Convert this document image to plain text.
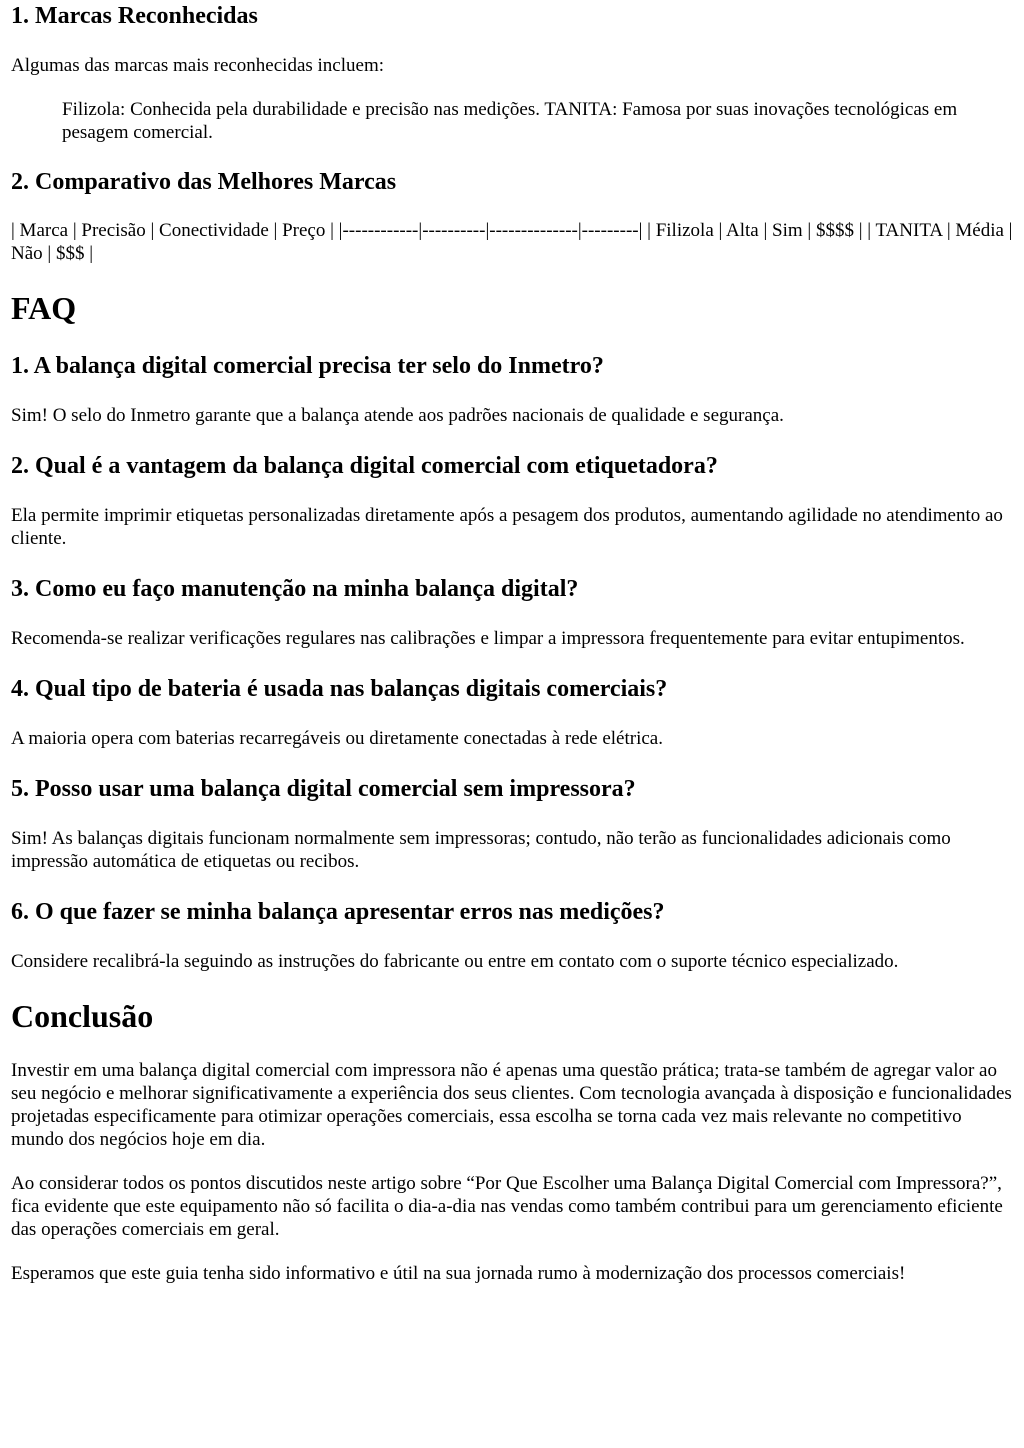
1. Marcas Reconhecidas

Algumas das marcas mais reconhecidas incluem:

Filizola: Conhecida pela durabilidade e precisão nas medições. TANITA: Famosa por suas inovações tecnológicas em pesagem comercial.
2. Comparativo das Melhores Marcas

| Marca | Precisão | Conectividade | Preço | |------------|----------|--------------|---------| | Filizola | Alta | Sim | $$$$ | | TANITA | Média | Não | $$$ |

FAQ
1. A balança digital comercial precisa ter selo do Inmetro?

Sim! O selo do Inmetro garante que a balança atende aos padrões nacionais de qualidade e segurança.

2. Qual é a vantagem da balança digital comercial com etiquetadora?

Ela permite imprimir etiquetas personalizadas diretamente após a pesagem dos produtos, aumentando agilidade no atendimento ao cliente.

3. Como eu faço manutenção na minha balança digital?

Recomenda-se realizar verificações regulares nas calibrações e limpar a impressora frequentemente para evitar entupimentos.

4. Qual tipo de bateria é usada nas balanças digitais comerciais?

A maioria opera com baterias recarregáveis ou diretamente conectadas à rede elétrica.

5. Posso usar uma balança digital comercial sem impressora?

Sim! As balanças digitais funcionam normalmente sem impressoras; contudo, não terão as funcionalidades adicionais como impressão automática de etiquetas ou recibos.

6. O que fazer se minha balança apresentar erros nas medições?

Considere recalibrá-la seguindo as instruções do fabricante ou entre em contato com o suporte técnico especializado.

Conclusão

Investir em uma balança digital comercial com impressora não é apenas uma questão prática; trata-se também de agregar valor ao seu negócio e melhorar significativamente a experiência dos seus clientes. Com tecnologia avançada à disposição e funcionalidades projetadas especificamente para otimizar operações comerciais, essa escolha se torna cada vez mais relevante no competitivo mundo dos negócios hoje em dia.

Ao considerar todos os pontos discutidos neste artigo sobre “Por Que Escolher uma Balança Digital Comercial com Impressora?”, fica evidente que este equipamento não só facilita o dia-a-dia nas vendas como também contribui para um gerenciamento eficiente das operações comerciais em geral.

Esperamos que este guia tenha sido informativo e útil na sua jornada rumo à modernização dos processos comerciais!
